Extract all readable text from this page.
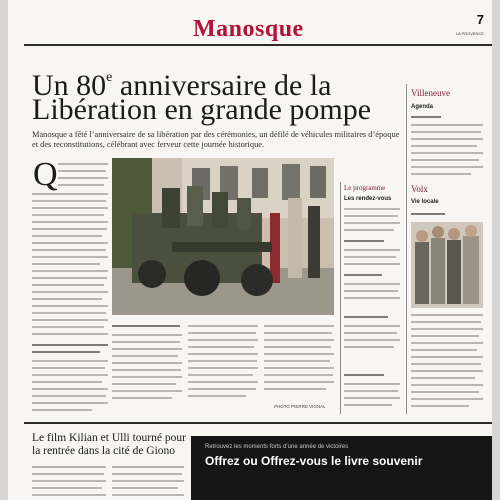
Manosque	7
LA PROVENCE
Un 80e anniversaire de la
Libération en grande pompe
Manosque a fêté l’anniversaire de sa libération par des cérémonies, un défilé de véhicules militaires d’époque et des reconstitutions, célébrant avec ferveur cette journée historique.
Q
PHOTO PIERRE VIGNAL
Le programme
Les rendez-vous
Villeneuve
Agenda
Volx
Vie locale
Le film Kilian et Ulli tourné pour
la rentrée dans la cité de Giono	Retrouvez les moments forts d’une année de victoires
Offrez ou Offrez-vous le livre souvenir
